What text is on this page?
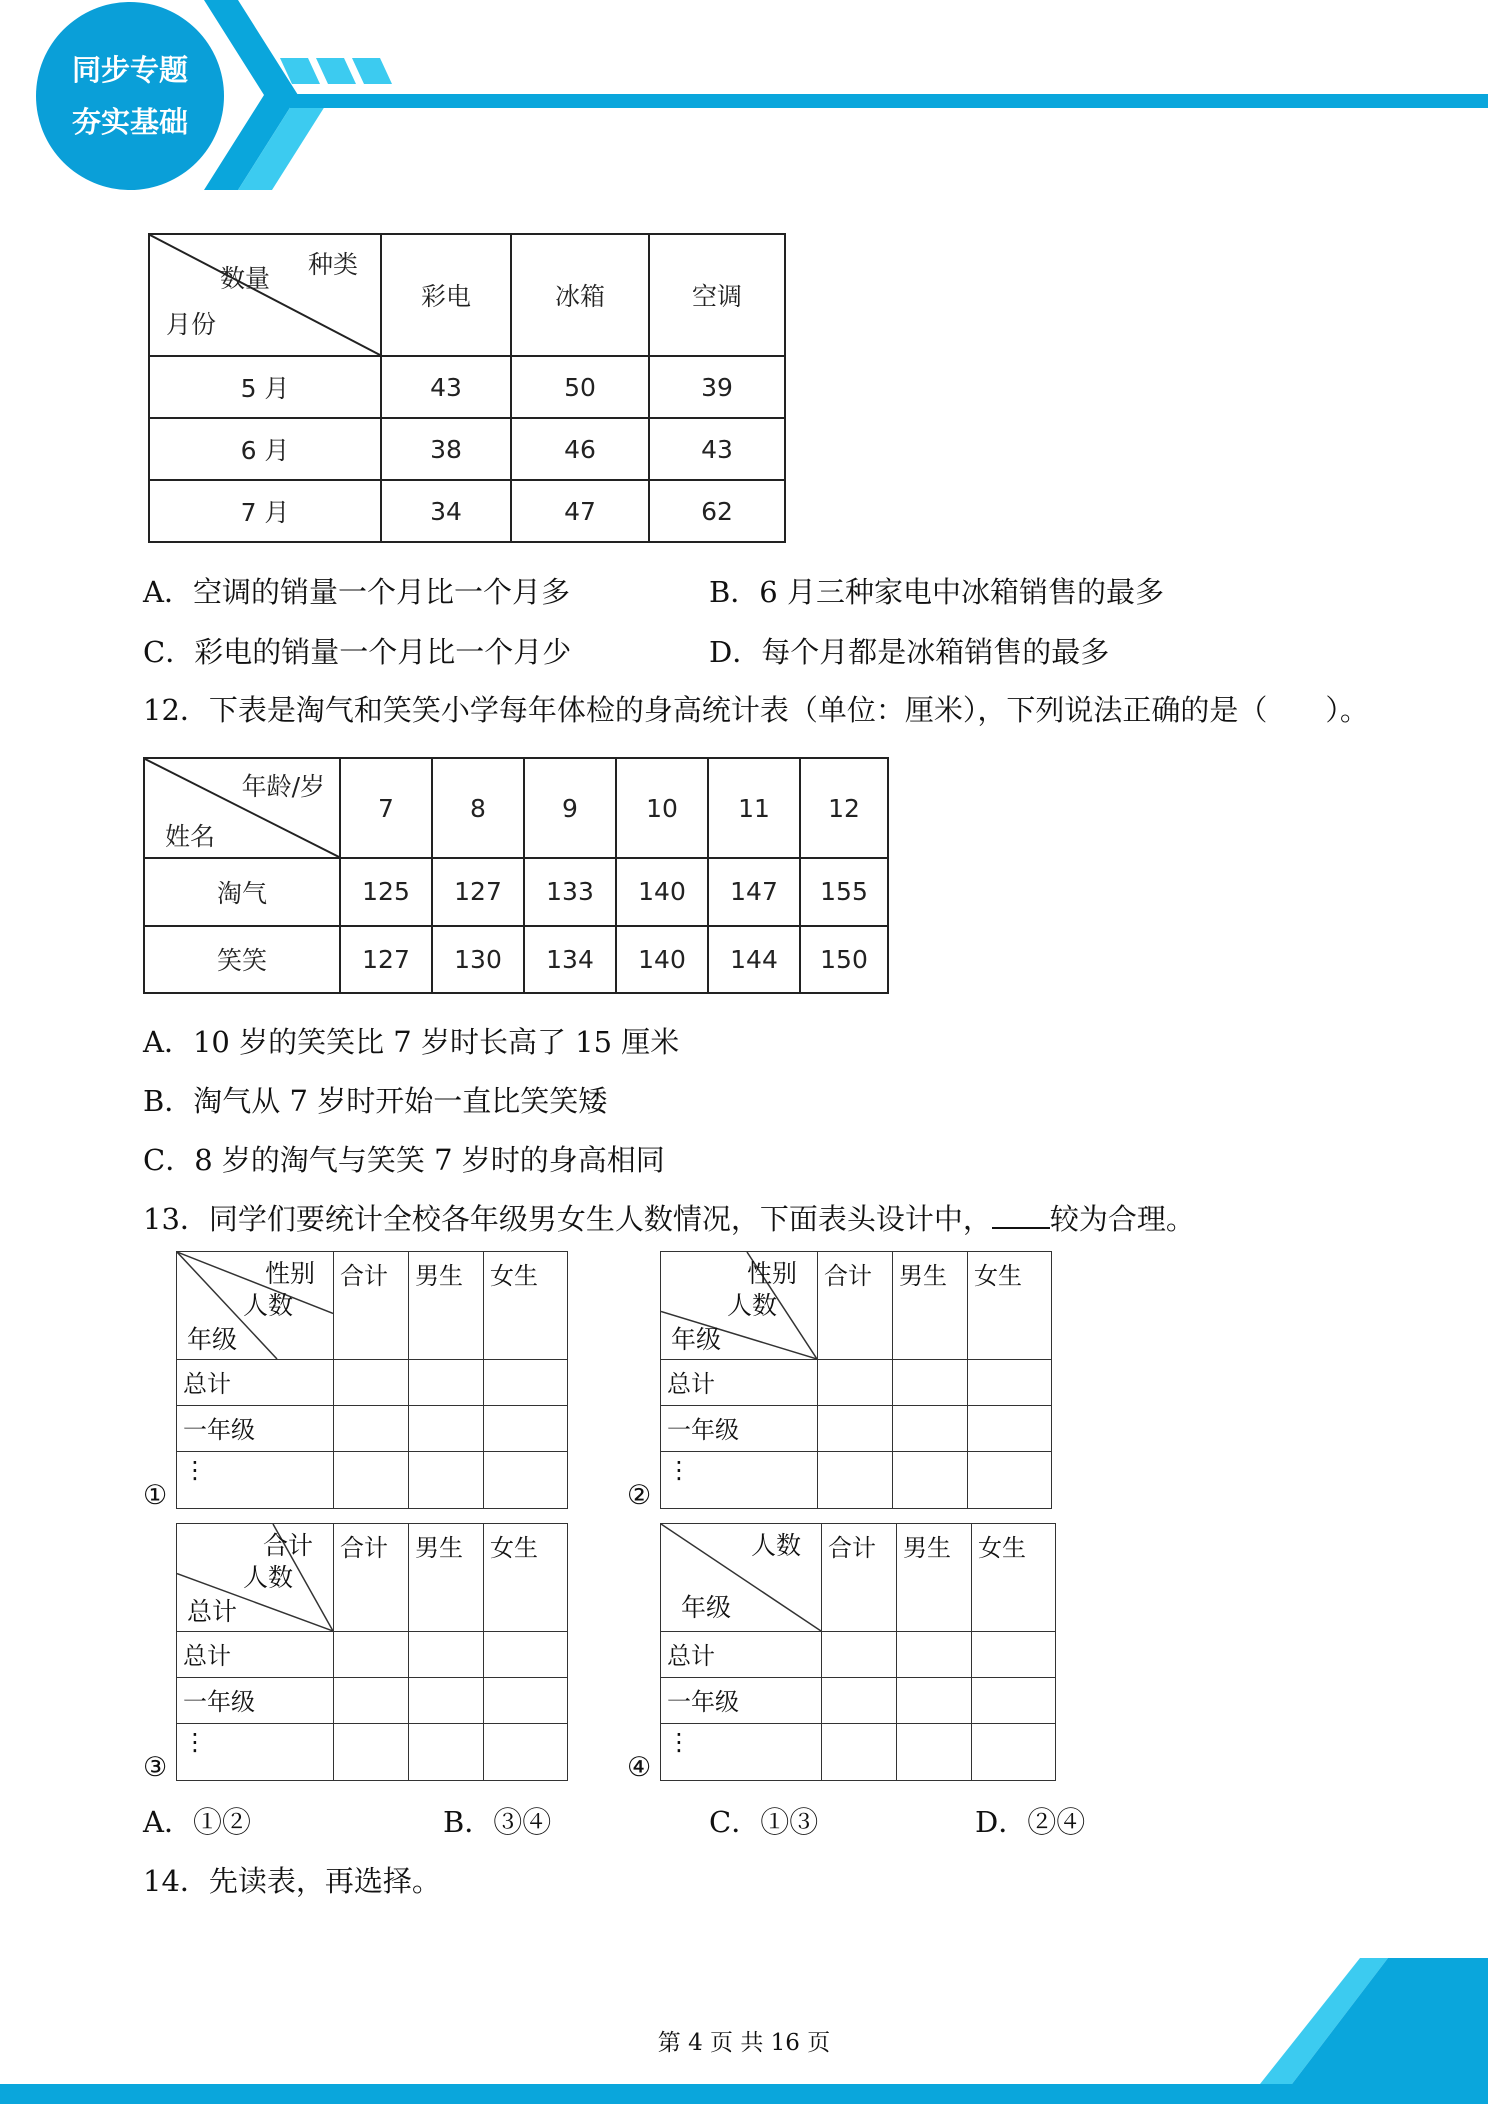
同步专题
夯实基础
种类
数量
月份	彩电	冰箱	空调
5 月	43	50	39
6 月	38	46	43
7 月	34	47	62
A．空调的销量一个月比一个月多	B．6 月三种家电中冰箱销售的最多
C．彩电的销量一个月比一个月少	D．每个月都是冰箱销售的最多
12．下表是淘气和笑笑小学每年体检的身高统计表（单位：厘米），下列说法正确的是（　　）。
年龄/岁
姓名	7	8	9	10	11	12
淘气	125	127	133	140	147	155
笑笑	127	130	134	140	144	150
A．10 岁的笑笑比 7 岁时长高了 15 厘米
B．淘气从 7 岁时开始一直比笑笑矮
C．8 岁的淘气与笑笑 7 岁时的身高相同
13．同学们要统计全校各年级男女生人数情况，下面表头设计中， 较为合理。
①
性别
人数
年级	合计	男生	女生
总计			
一年级			
⋮			
②
性别
人数
年级	合计	男生	女生
总计			
一年级			
⋮			
③
合计
人数
总计	合计	男生	女生
总计			
一年级			
⋮			
④
人数
年级	合计	男生	女生
总计			
一年级			
⋮			
A．①②	B．③④	C．①③	D．②④
14．先读表，再选择。
第 4 页 共 16 页
